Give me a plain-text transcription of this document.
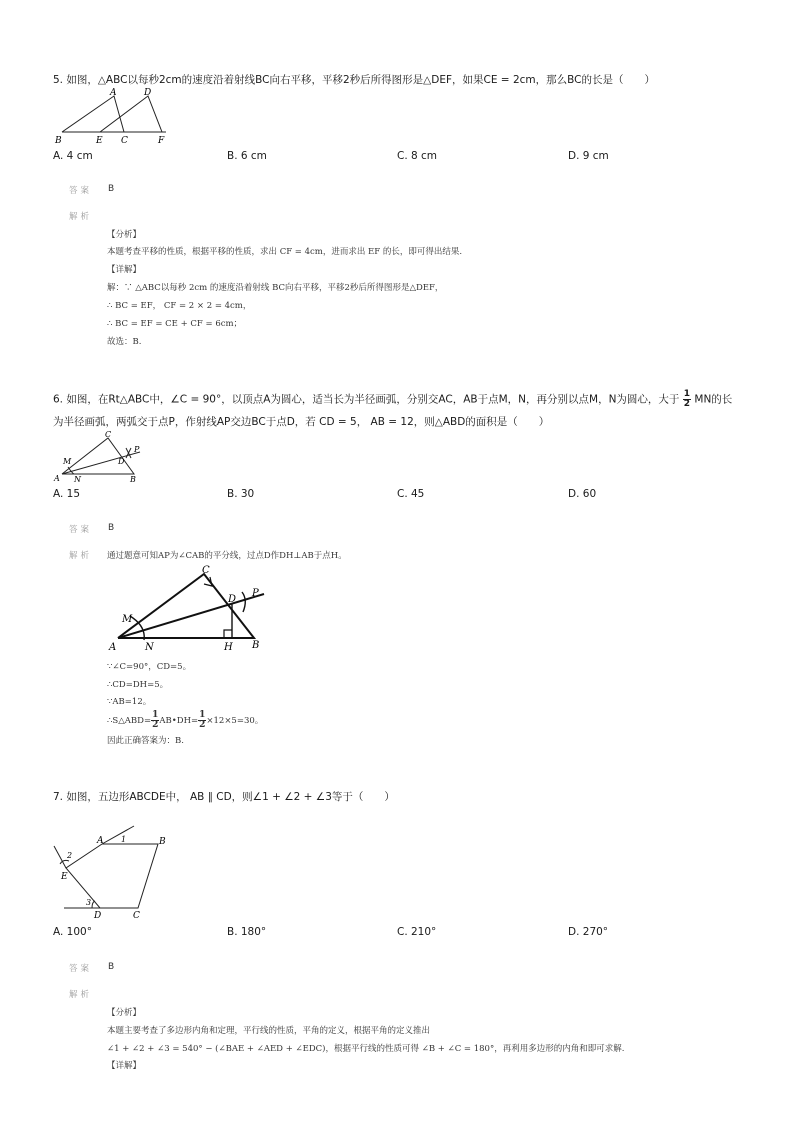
5. 如图，△ABC以每秒2cm的速度沿着射线BC向右平移，平移2秒后所得图形是△DEF，如果CE = 2cm，那么BC的长是（　　）
A	D
B	E C	F
A. 4 cm	B. 6 cm	C. 8 cm	D. 9 cm
答案 B
解析
【分析】
本题考查平移的性质，根据平移的性质，求出 CF = 4cm，进而求出 EF 的长，即可得出结果.
【详解】
解：∵ △ABC以每秒 2cm 的速度沿着射线 BC向右平移，平移2秒后所得图形是△DEF，
∴ BC = EF， CF = 2 × 2 = 4cm，
∴ BC = EF = CE + CF = 6cm；
故选：B.
6. 如图，在Rt△ABC中，∠C = 90°，以顶点A为圆心，适当长为半径画弧，分别交AC，AB于点M，N，再分别以点M，N为圆心，大于 $\frac{1}{2}$ MN的长
为半径画弧，两弧交于点P，作射线AP交边BC于点D，若 CD = 5， AB = 12，则△ABD的面积是（　　）
C
P
M	D
A N	B
A. 15	B. 30	C. 45	D. 60
答案 B
解析 通过题意可知AP为∠CAB的平分线，过点D作DH⊥AB于点H。
C
D
P
M
A	N	H B
∵∠C=90°，CD=5。
∴CD=DH=5。
∵AB=12。
∴S△ABD= $\frac{1}{2}$ AB•DH= $\frac{1}{2} \times 12\times 5=30$。
因此正确答案为：B.
7. 如图，五边形ABCDE中， AB ∥ CD，则∠1 + ∠2 + ∠3等于（　　）
A 1	B
2
E
3
D	C
A. 100°	B. 180°	C. 210°	D. 270°
答案 B
解析
【分析】
本题主要考查了多边形内角和定理，平行线的性质，平角的定义，根据平角的定义推出
∠1 + ∠2 + ∠3 = 540° − (∠BAE + ∠AED + ∠EDC)，根据平行线的性质可得 ∠B + ∠C = 180°，再利用多边形的内角和即可求解.
【详解】
